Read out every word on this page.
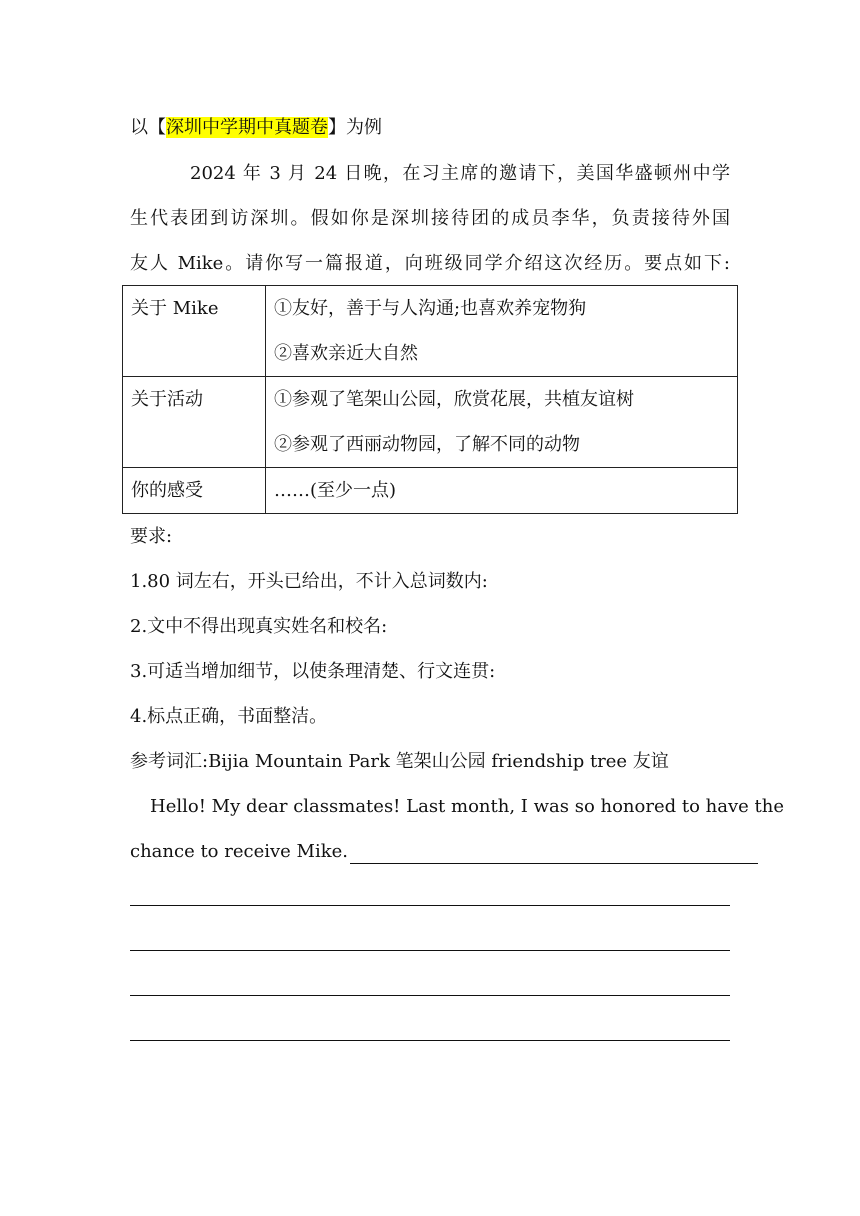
以【深圳中学期中真题卷】为例
2024 年 3 月 24 日晚，在习主席的邀请下，美国华盛顿州中学
生代表团到访深圳。假如你是深圳接待团的成员李华，负责接待外国
友人 Mike。请你写一篇报道，向班级同学介绍这次经历。要点如下:
关于 Mike	①友好，善于与人沟通;也喜欢养宠物狗
②喜欢亲近大自然

关于活动	①参观了笔架山公园，欣赏花展，共植友谊树
②参观了西丽动物园，了解不同的动物

你的感受	……(至少一点)
要求:
1.80 词左右，开头已给出，不计入总词数内:
2.文中不得出现真实姓名和校名:
3.可适当增加细节，以使条理清楚、行文连贯:
4.标点正确，书面整洁。
参考词汇:Bijia Mountain Park 笔架山公园 friendship tree 友谊
Hello! My dear classmates! Last month, I was so honored to have the
chance to receive Mike.
